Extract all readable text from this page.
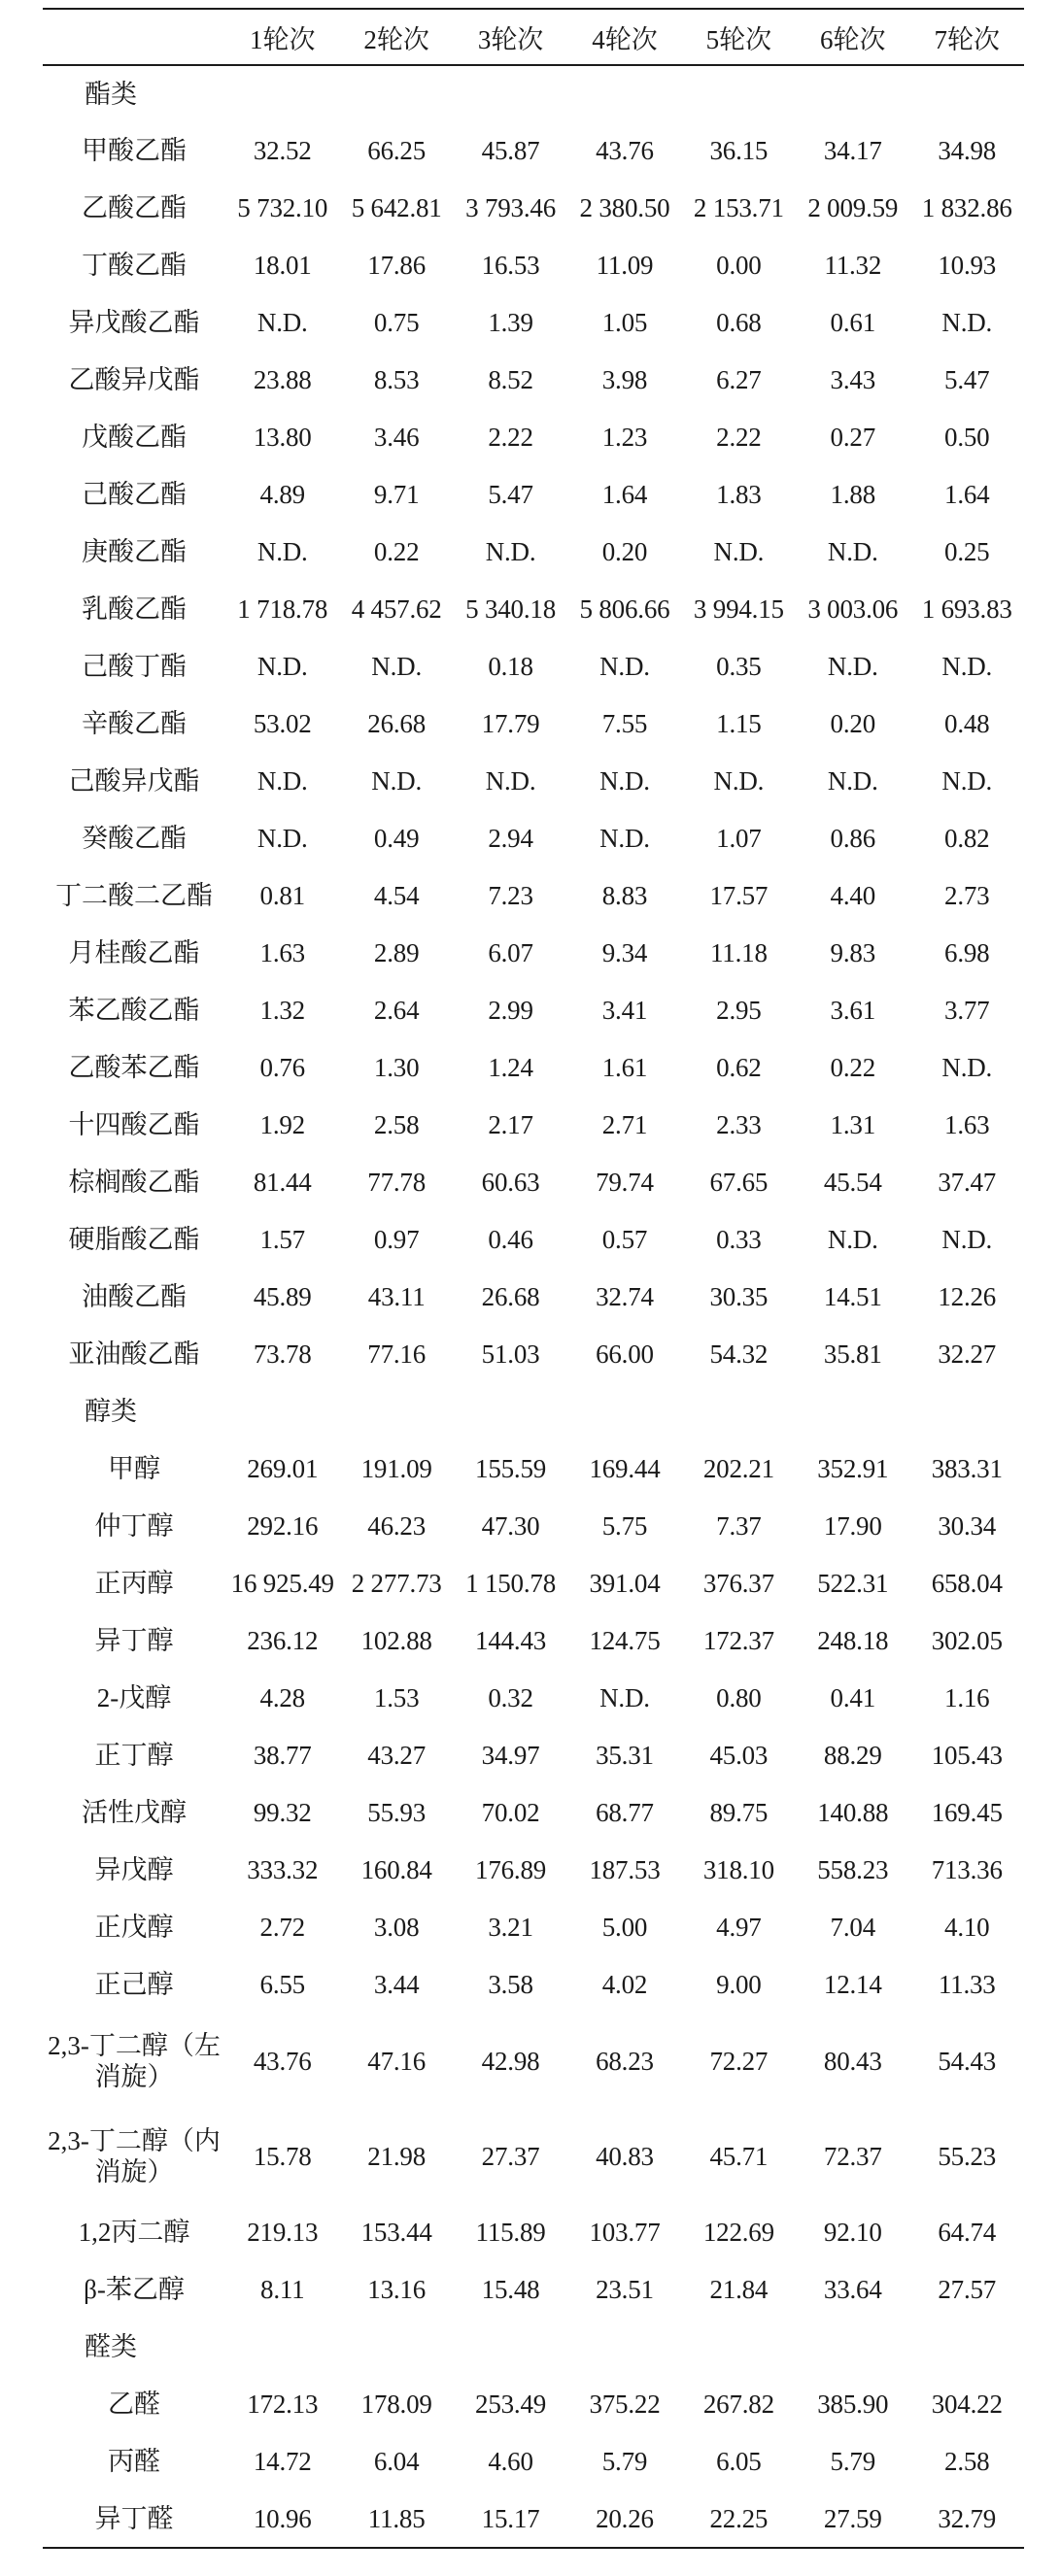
	1轮次	2轮次	3轮次	4轮次	5轮次	6轮次	7轮次
酯类							
甲酸乙酯	32.52	66.25	45.87	43.76	36.15	34.17	34.98
乙酸乙酯	5 732.10	5 642.81	3 793.46	2 380.50	2 153.71	2 009.59	1 832.86
丁酸乙酯	18.01	17.86	16.53	11.09	0.00	11.32	10.93
异戊酸乙酯	N.D.	0.75	1.39	1.05	0.68	0.61	N.D.
乙酸异戊酯	23.88	8.53	8.52	3.98	6.27	3.43	5.47
戊酸乙酯	13.80	3.46	2.22	1.23	2.22	0.27	0.50
己酸乙酯	4.89	9.71	5.47	1.64	1.83	1.88	1.64
庚酸乙酯	N.D.	0.22	N.D.	0.20	N.D.	N.D.	0.25
乳酸乙酯	1 718.78	4 457.62	5 340.18	5 806.66	3 994.15	3 003.06	1 693.83
己酸丁酯	N.D.	N.D.	0.18	N.D.	0.35	N.D.	N.D.
辛酸乙酯	53.02	26.68	17.79	7.55	1.15	0.20	0.48
己酸异戊酯	N.D.	N.D.	N.D.	N.D.	N.D.	N.D.	N.D.
癸酸乙酯	N.D.	0.49	2.94	N.D.	1.07	0.86	0.82
丁二酸二乙酯	0.81	4.54	7.23	8.83	17.57	4.40	2.73
月桂酸乙酯	1.63	2.89	6.07	9.34	11.18	9.83	6.98
苯乙酸乙酯	1.32	2.64	2.99	3.41	2.95	3.61	3.77
乙酸苯乙酯	0.76	1.30	1.24	1.61	0.62	0.22	N.D.
十四酸乙酯	1.92	2.58	2.17	2.71	2.33	1.31	1.63
棕榈酸乙酯	81.44	77.78	60.63	79.74	67.65	45.54	37.47
硬脂酸乙酯	1.57	0.97	0.46	0.57	0.33	N.D.	N.D.
油酸乙酯	45.89	43.11	26.68	32.74	30.35	14.51	12.26
亚油酸乙酯	73.78	77.16	51.03	66.00	54.32	35.81	32.27
醇类							
甲醇	269.01	191.09	155.59	169.44	202.21	352.91	383.31
仲丁醇	292.16	46.23	47.30	5.75	7.37	17.90	30.34
正丙醇	16 925.49	2 277.73	1 150.78	391.04	376.37	522.31	658.04
异丁醇	236.12	102.88	144.43	124.75	172.37	248.18	302.05
2-戊醇	4.28	1.53	0.32	N.D.	0.80	0.41	1.16
正丁醇	38.77	43.27	34.97	35.31	45.03	88.29	105.43
活性戊醇	99.32	55.93	70.02	68.77	89.75	140.88	169.45
异戊醇	333.32	160.84	176.89	187.53	318.10	558.23	713.36
正戊醇	2.72	3.08	3.21	5.00	4.97	7.04	4.10
正己醇	6.55	3.44	3.58	4.02	9.00	12.14	11.33
2,3-丁二醇（左消旋）	43.76	47.16	42.98	68.23	72.27	80.43	54.43
2,3-丁二醇（内消旋）	15.78	21.98	27.37	40.83	45.71	72.37	55.23
1,2丙二醇	219.13	153.44	115.89	103.77	122.69	92.10	64.74
β-苯乙醇	8.11	13.16	15.48	23.51	21.84	33.64	27.57
醛类							
乙醛	172.13	178.09	253.49	375.22	267.82	385.90	304.22
丙醛	14.72	6.04	4.60	5.79	6.05	5.79	2.58
异丁醛	10.96	11.85	15.17	20.26	22.25	27.59	32.79
